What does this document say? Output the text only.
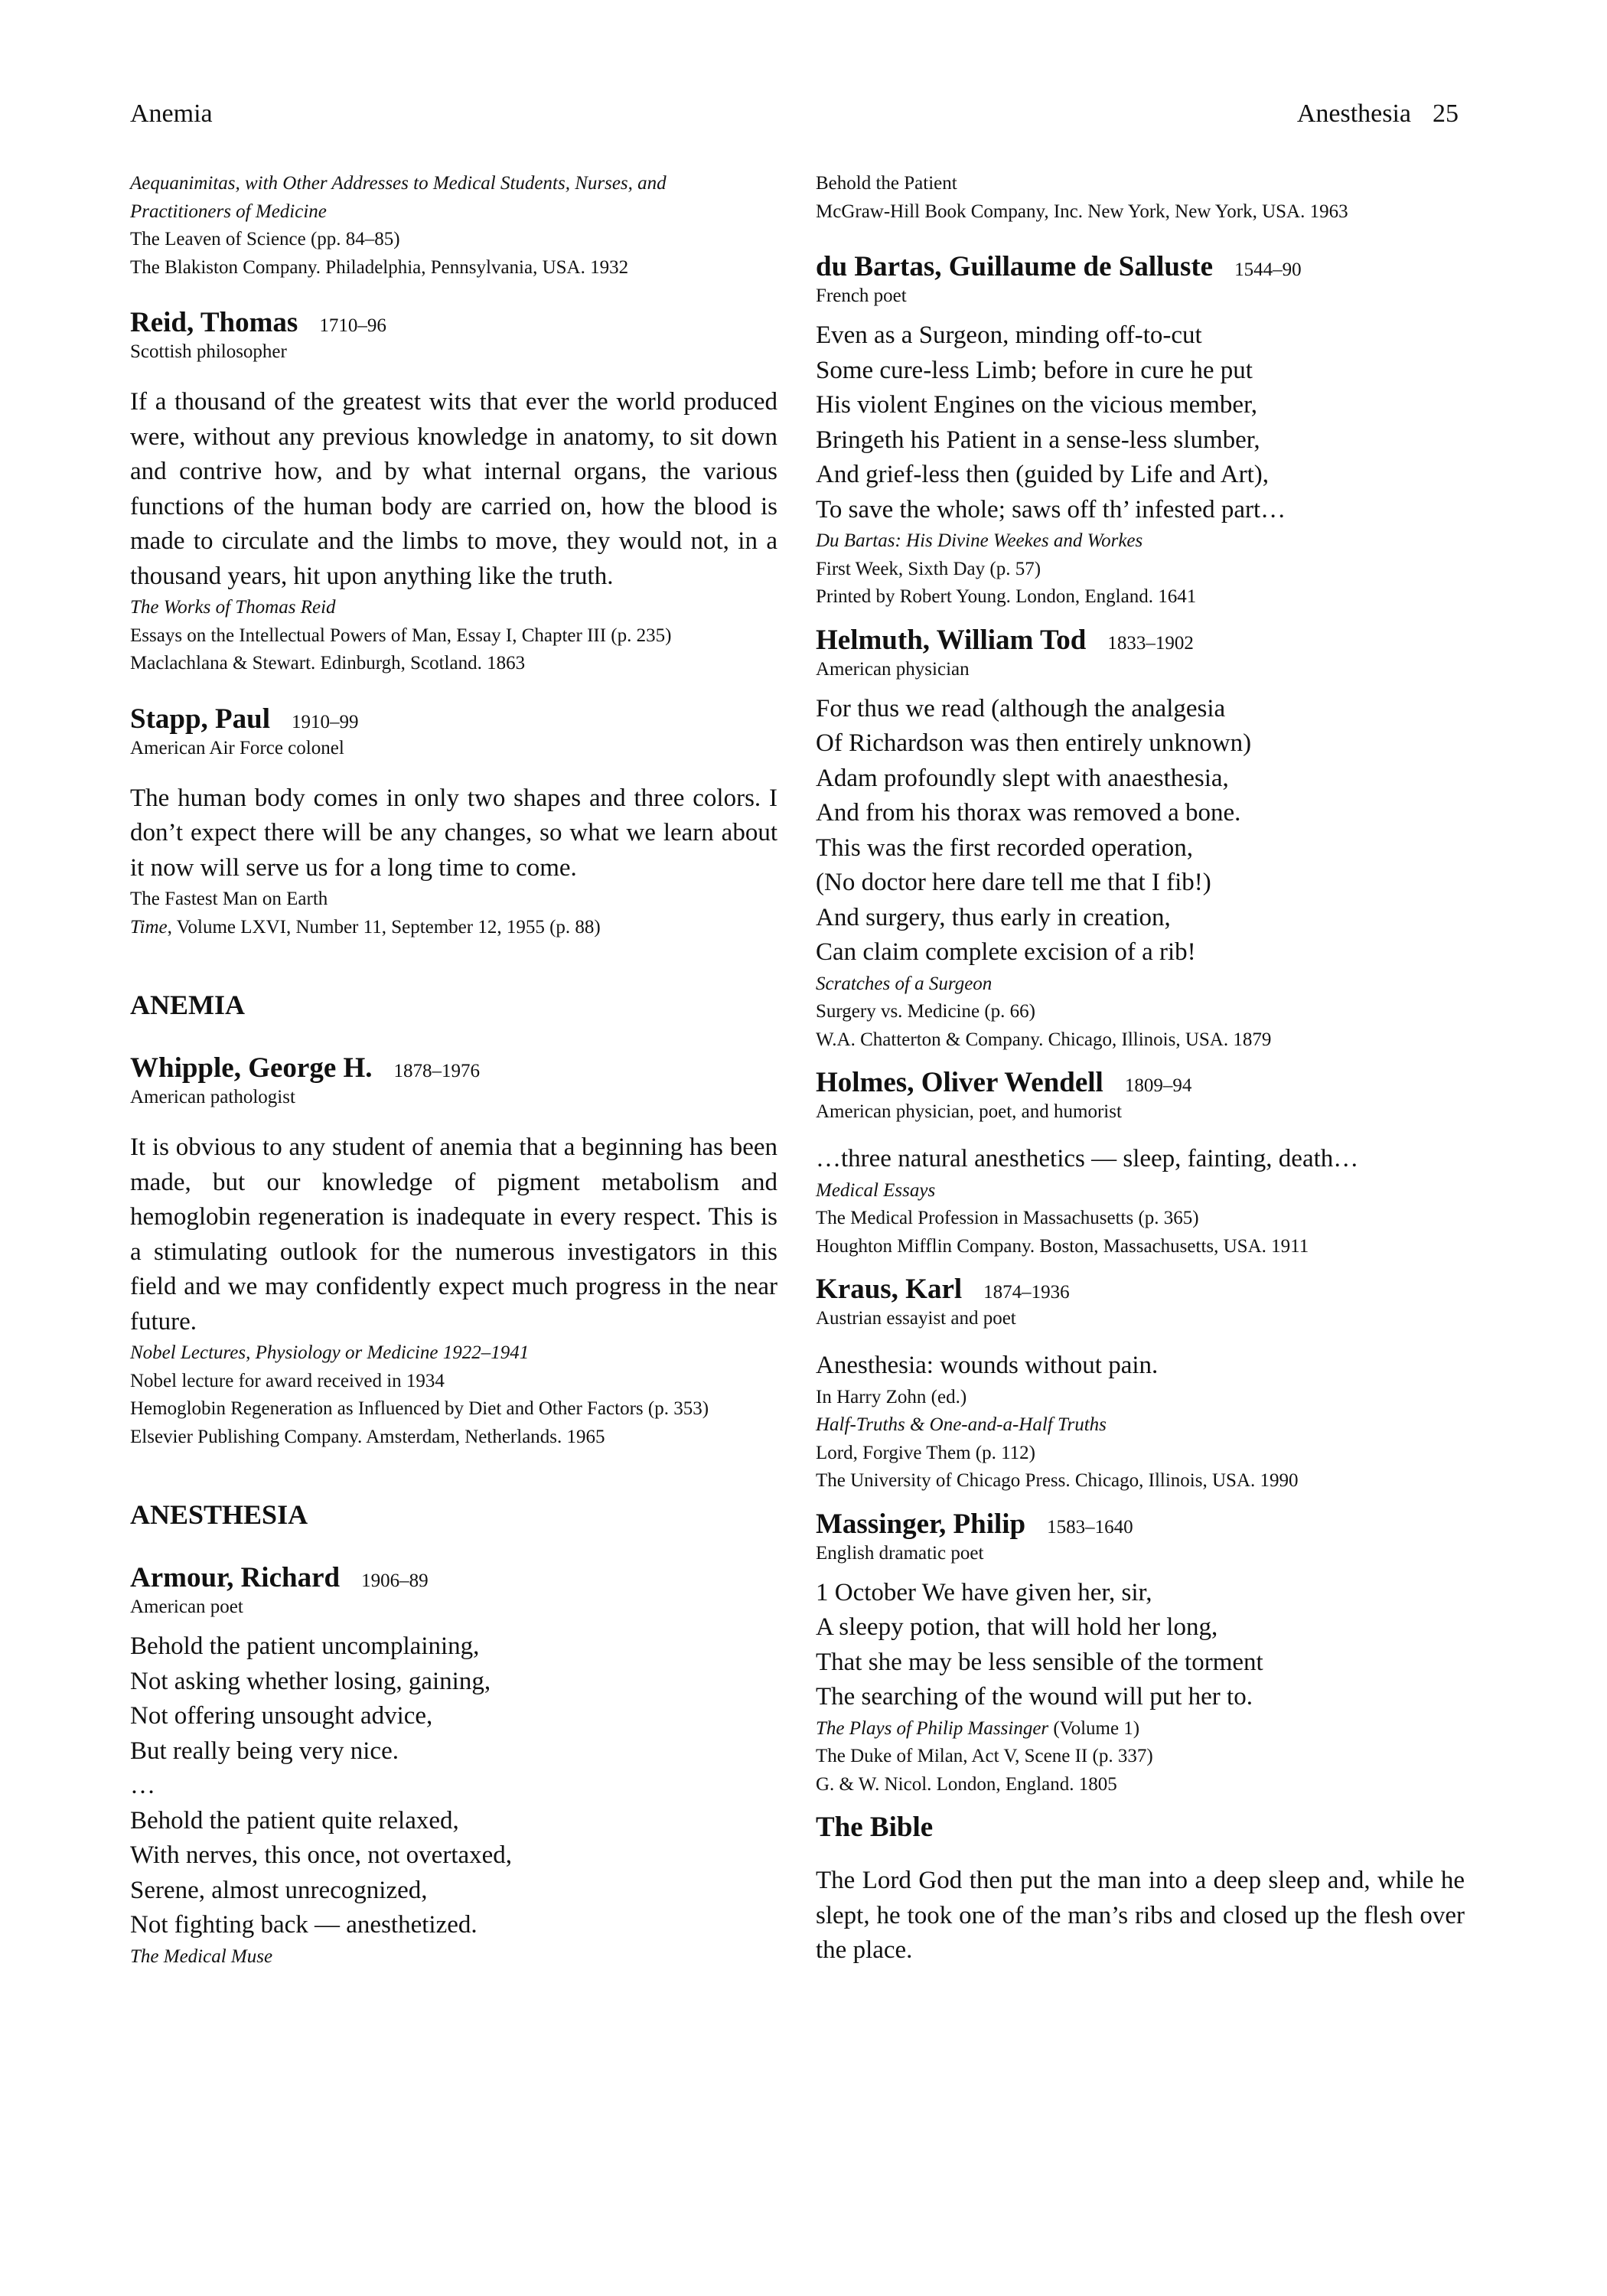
Anemia	Anesthesia 25
Aequanimitas, with Other Addresses to Medical Students, Nurses, and
Practitioners of Medicine
The Leaven of Science (pp. 84–85)
The Blakiston Company. Philadelphia, Pennsylvania, USA. 1932
Reid, Thomas 1710–96
Scottish philosopher
If a thousand of the greatest wits that ever the world produced were, without any previous knowledge in anatomy, to sit down and contrive how, and by what internal organs, the various functions of the human body are carried on, how the blood is made to circulate and the limbs to move, they would not, in a thousand years, hit upon anything like the truth.
The Works of Thomas Reid
Essays on the Intellectual Powers of Man, Essay I, Chapter III (p. 235)
Maclachlana & Stewart. Edinburgh, Scotland. 1863
Stapp, Paul 1910–99
American Air Force colonel
The human body comes in only two shapes and three colors. I don’t expect there will be any changes, so what we learn about it now will serve us for a long time to come.
The Fastest Man on Earth
Time, Volume LXVI, Number 11, September 12, 1955 (p. 88)
ANEMIA
Whipple, George H. 1878–1976
American pathologist
It is obvious to any student of anemia that a beginning has been made, but our knowledge of pigment metabolism and hemoglobin regeneration is inadequate in every respect. This is a stimulating outlook for the numerous investigators in this field and we may confidently expect much progress in the near future.
Nobel Lectures, Physiology or Medicine 1922–1941
Nobel lecture for award received in 1934
Hemoglobin Regeneration as Influenced by Diet and Other Factors (p. 353)
Elsevier Publishing Company. Amsterdam, Netherlands. 1965
ANESTHESIA
Armour, Richard 1906–89
American poet
Behold the patient uncomplaining,
Not asking whether losing, gaining,
Not offering unsought advice,
But really being very nice.
…
Behold the patient quite relaxed,
With nerves, this once, not overtaxed,
Serene, almost unrecognized,
Not fighting back — anesthetized.
The Medical Muse
Behold the Patient
McGraw-Hill Book Company, Inc. New York, New York, USA. 1963
du Bartas, Guillaume de Salluste 1544–90
French poet
Even as a Surgeon, minding off-to-cut
Some cure-less Limb; before in cure he put
His violent Engines on the vicious member,
Bringeth his Patient in a sense-less slumber,
And grief-less then (guided by Life and Art),
To save the whole; saws off th’ infested part…
Du Bartas: His Divine Weekes and Workes
First Week, Sixth Day (p. 57)
Printed by Robert Young. London, England. 1641
Helmuth, William Tod 1833–1902
American physician
For thus we read (although the analgesia
Of Richardson was then entirely unknown)
Adam profoundly slept with anaesthesia,
And from his thorax was removed a bone.
This was the first recorded operation,
(No doctor here dare tell me that I fib!)
And surgery, thus early in creation,
Can claim complete excision of a rib!
Scratches of a Surgeon
Surgery vs. Medicine (p. 66)
W.A. Chatterton & Company. Chicago, Illinois, USA. 1879
Holmes, Oliver Wendell 1809–94
American physician, poet, and humorist
…three natural anesthetics — sleep, fainting, death…
Medical Essays
The Medical Profession in Massachusetts (p. 365)
Houghton Mifflin Company. Boston, Massachusetts, USA. 1911
Kraus, Karl 1874–1936
Austrian essayist and poet
Anesthesia: wounds without pain.
In Harry Zohn (ed.)
Half-Truths & One-and-a-Half Truths
Lord, Forgive Them (p. 112)
The University of Chicago Press. Chicago, Illinois, USA. 1990
Massinger, Philip 1583–1640
English dramatic poet
1 October We have given her, sir,
A sleepy potion, that will hold her long,
That she may be less sensible of the torment
The searching of the wound will put her to.
The Plays of Philip Massinger (Volume 1)
The Duke of Milan, Act V, Scene II (p. 337)
G. & W. Nicol. London, England. 1805
The Bible
The Lord God then put the man into a deep sleep and, while he slept, he took one of the man’s ribs and closed up the flesh over the place.
